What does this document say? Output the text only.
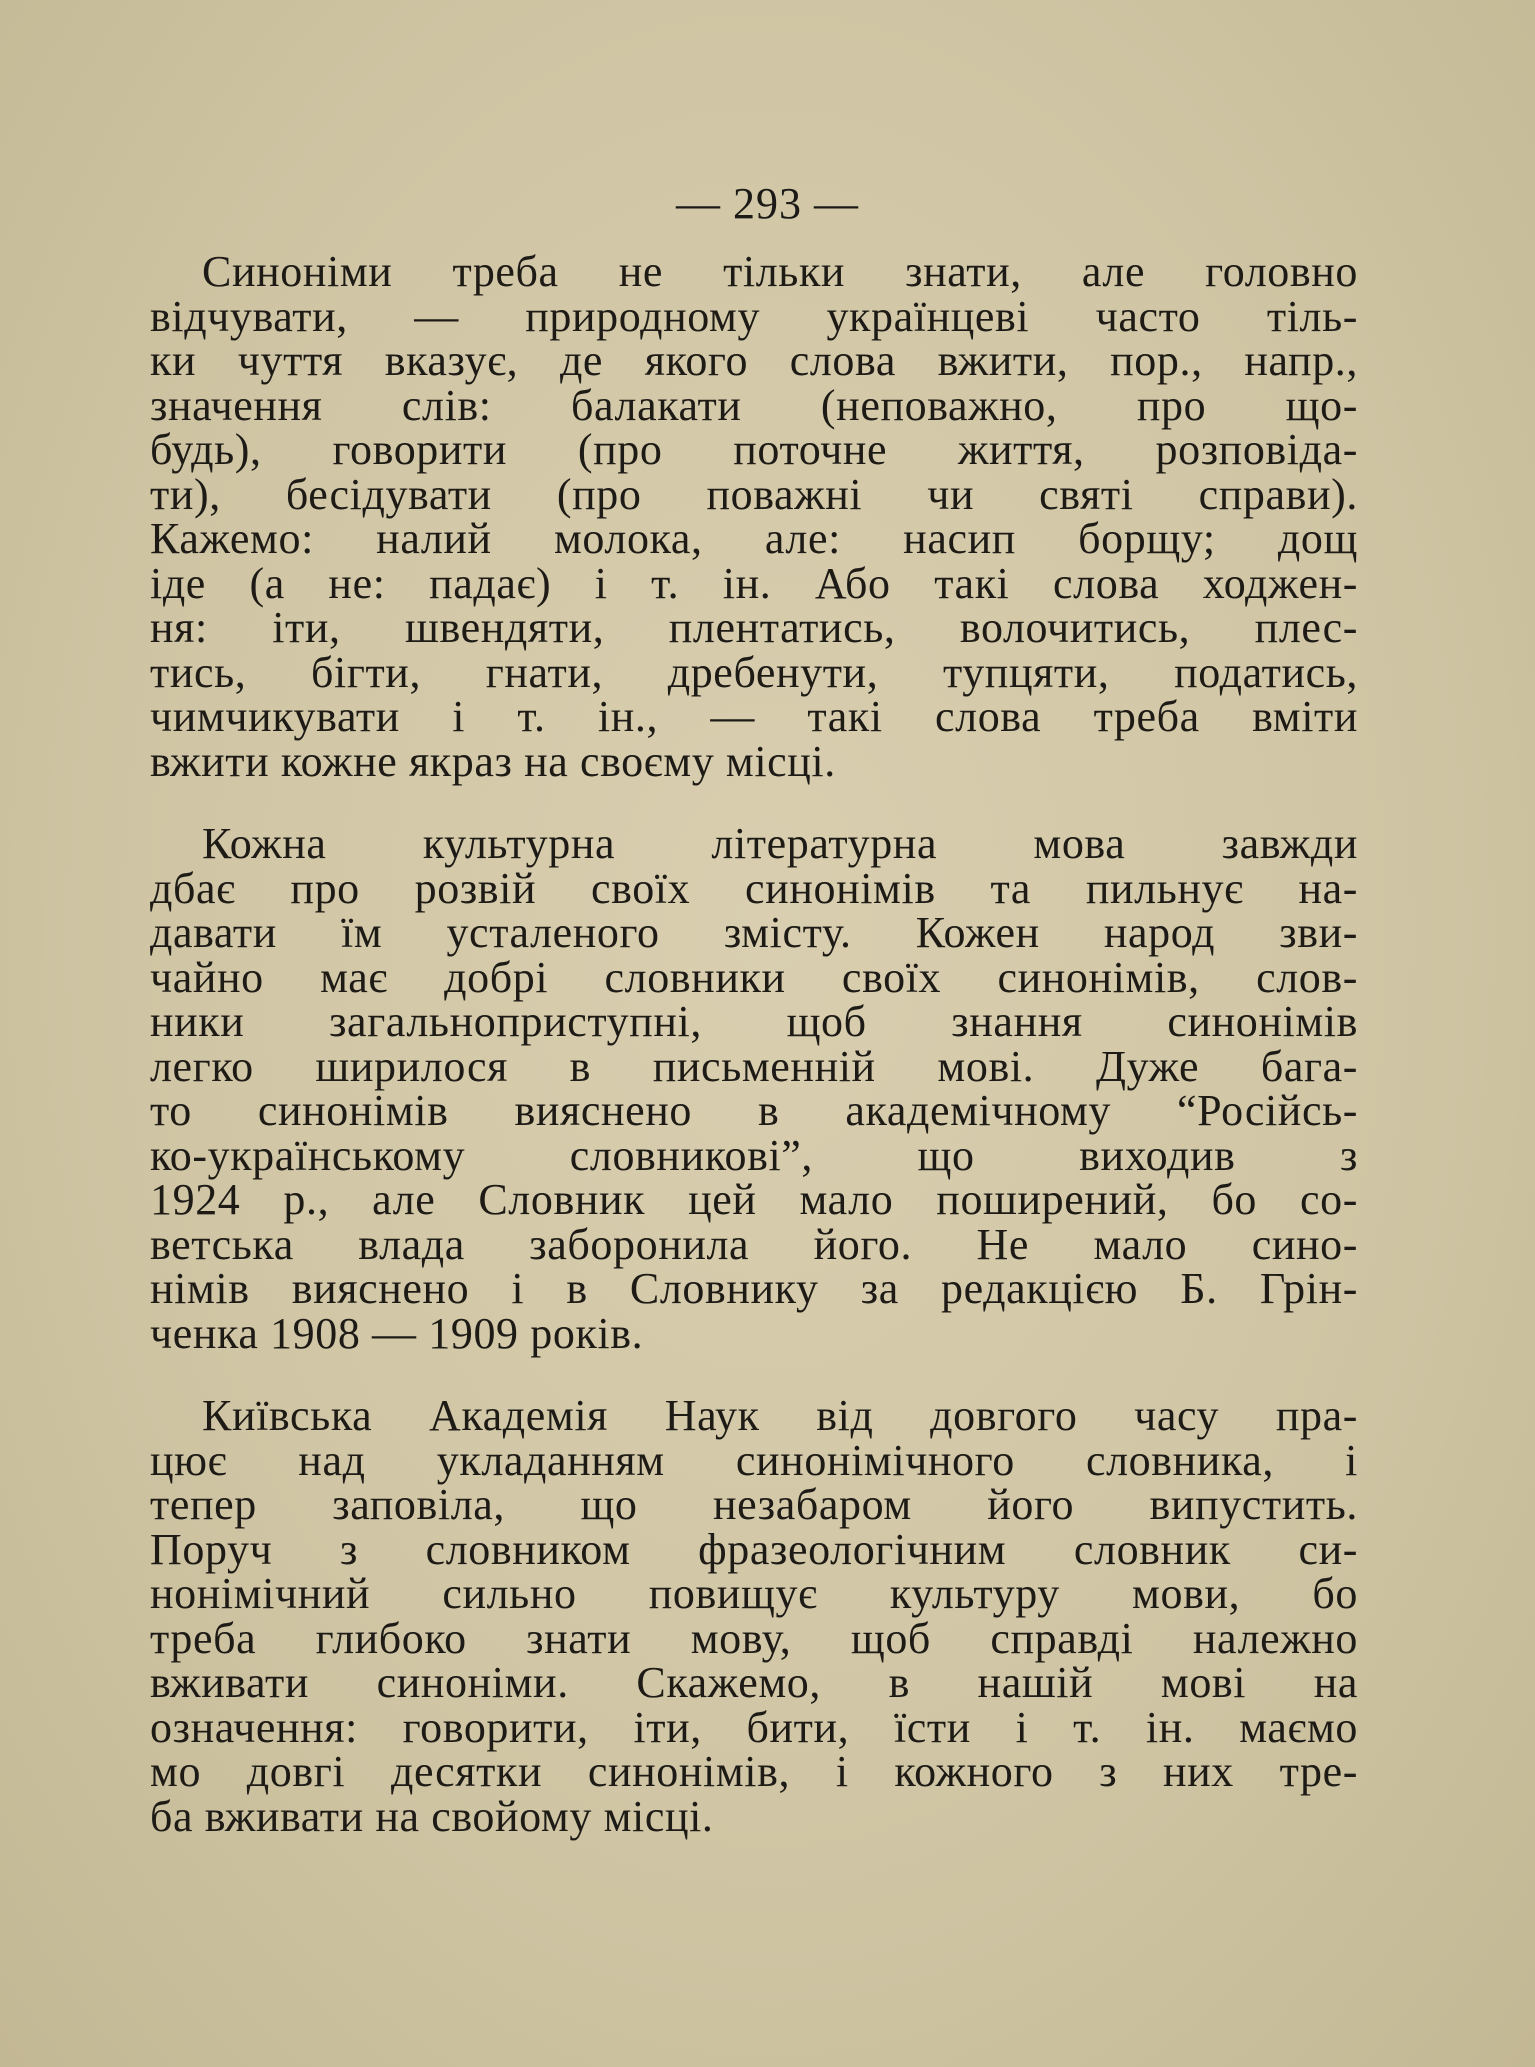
— 293 —
Синоніми треба не тільки знати, але головно
відчувати, — природному українцеві часто тіль-
ки чуття вказує, де якого слова вжити, пор., напр.,
значення слів: балакати (неповажно, про що-
будь), говорити (про поточне життя, розповіда-
ти), бесідувати (про поважні чи святі справи).
Кажемо: налий молока, але: насип борщу; дощ
іде (а не: падає) і т. ін. Або такі слова ходжен-
ня: іти, швендяти, плентатись, волочитись, плес-
тись, бігти, гнати, дребенути, тупцяти, податись,
чимчикувати і т. ін., — такі слова треба вміти
вжити кожне якраз на своєму місці.
Кожна культурна літературна мова завжди
дбає про розвій своїх синонімів та пильнує на-
давати їм усталеного змісту. Кожен народ зви-
чайно має добрі словники своїх синонімів, слов-
ники загальноприступні, щоб знання синонімів
легко ширилося в письменній мові. Дуже бага-
то синонімів вияснено в академічному “Російсь-
ко-українському словникові”, що виходив з
1924 р., але Словник цей мало поширений, бо со-
ветська влада заборонила його. Не мало сино-
німів вияснено і в Словнику за редакцією Б. Грін-
ченка 1908 — 1909 років.
Київська Академія Наук від довгого часу пра-
цює над укладанням синонімічного словника, і
тепер заповіла, що незабаром його випустить.
Поруч з словником фразеологічним словник си-
нонімічний сильно повищує культуру мови, бо
треба глибоко знати мову, щоб справді належно
вживати синоніми. Скажемо, в нашій мові на
означення: говорити, іти, бити, їсти і т. ін. маємо
мо довгі десятки синонімів, і кожного з них тре-
ба вживати на свойому місці.
